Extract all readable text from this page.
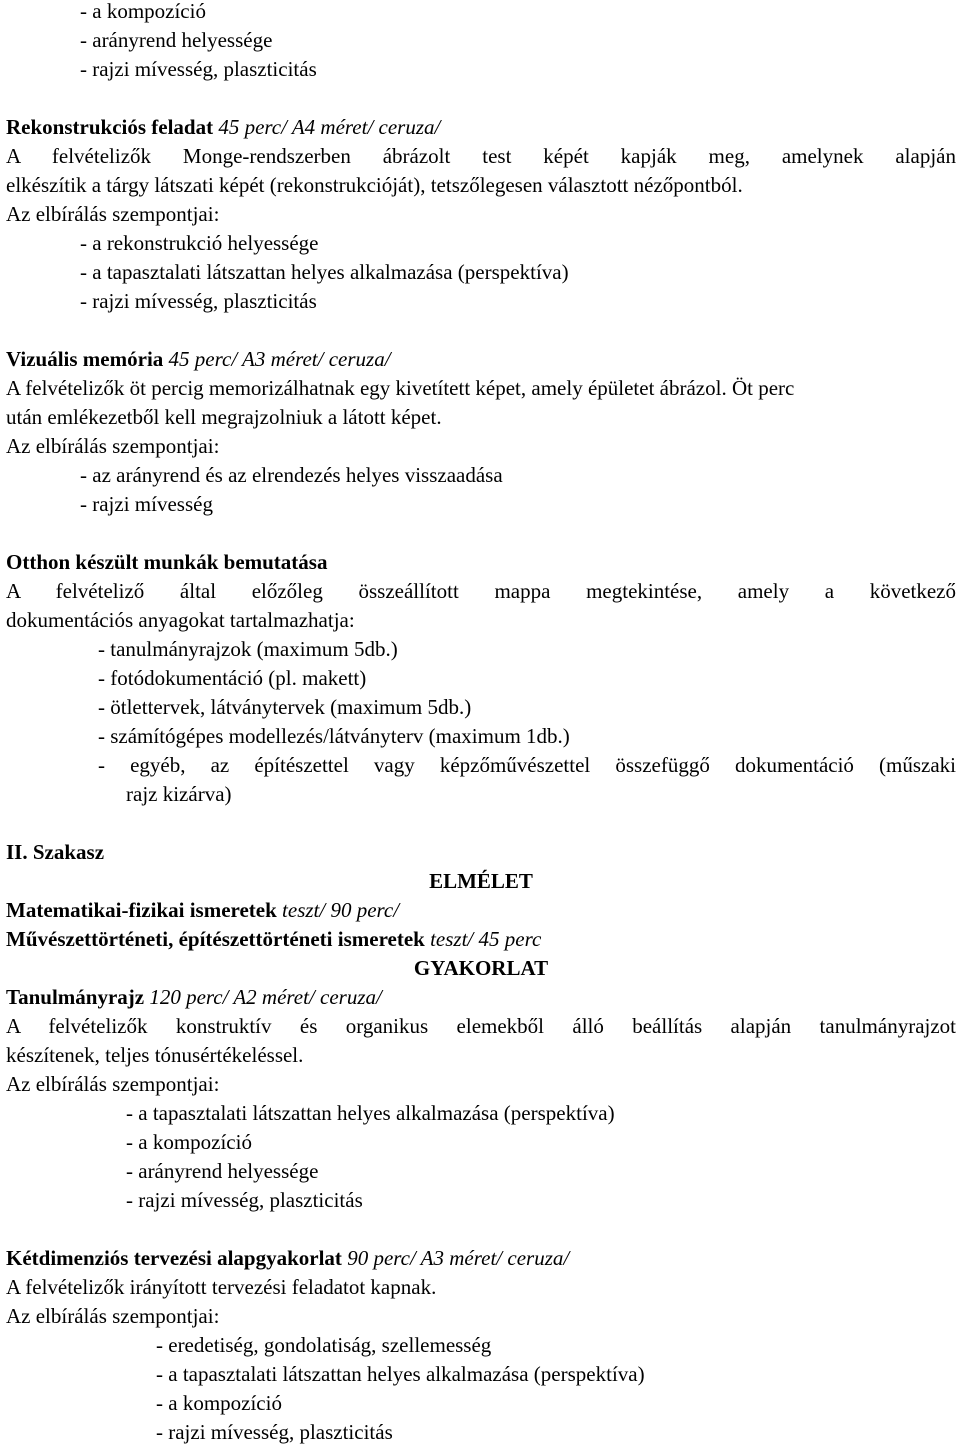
- a kompozíció
- arányrend helyessége
- rajzi mívesség, plaszticitás
Rekonstrukciós feladat 45 perc/ A4 méret/ ceruza/
A felvételizők Monge-rendszerben ábrázolt test képét kapják meg, amelynek alapján
elkészítik a tárgy látszati képét (rekonstrukcióját), tetszőlegesen választott nézőpontból.
Az elbírálás szempontjai:
- a rekonstrukció helyessége
- a tapasztalati látszattan helyes alkalmazása (perspektíva)
- rajzi mívesség, plaszticitás
Vizuális memória 45 perc/ A3 méret/ ceruza/
A felvételizők öt percig memorizálhatnak egy kivetített képet, amely épületet ábrázol. Öt perc
után emlékezetből kell megrajzolniuk a látott képet.
Az elbírálás szempontjai:
- az arányrend és az elrendezés helyes visszaadása
- rajzi mívesség
Otthon készült munkák bemutatása
A felvételiző által előzőleg összeállított mappa megtekintése, amely a következő
dokumentációs anyagokat tartalmazhatja:
- tanulmányrajzok (maximum 5db.)
- fotódokumentáció (pl. makett)
- ötlettervek, látványtervek (maximum 5db.)
- számítógépes modellezés/látványterv (maximum 1db.)
- egyéb, az építészettel vagy képzőművészettel összefüggő dokumentáció (műszaki
rajz kizárva)
II. Szakasz
ELMÉLET
Matematikai-fizikai ismeretek teszt/ 90 perc/
Művészettörténeti, építészettörténeti ismeretek teszt/ 45 perc
GYAKORLAT
Tanulmányrajz 120 perc/ A2 méret/ ceruza/
A felvételizők konstruktív és organikus elemekből álló beállítás alapján tanulmányrajzot
készítenek, teljes tónusértékeléssel.
Az elbírálás szempontjai:
- a tapasztalati látszattan helyes alkalmazása (perspektíva)
- a kompozíció
- arányrend helyessége
- rajzi mívesség, plaszticitás
Kétdimenziós tervezési alapgyakorlat 90 perc/ A3 méret/ ceruza/
A felvételizők irányított tervezési feladatot kapnak.
Az elbírálás szempontjai:
- eredetiség, gondolatiság, szellemesség
- a tapasztalati látszattan helyes alkalmazása (perspektíva)
- a kompozíció
- rajzi mívesség, plaszticitás
